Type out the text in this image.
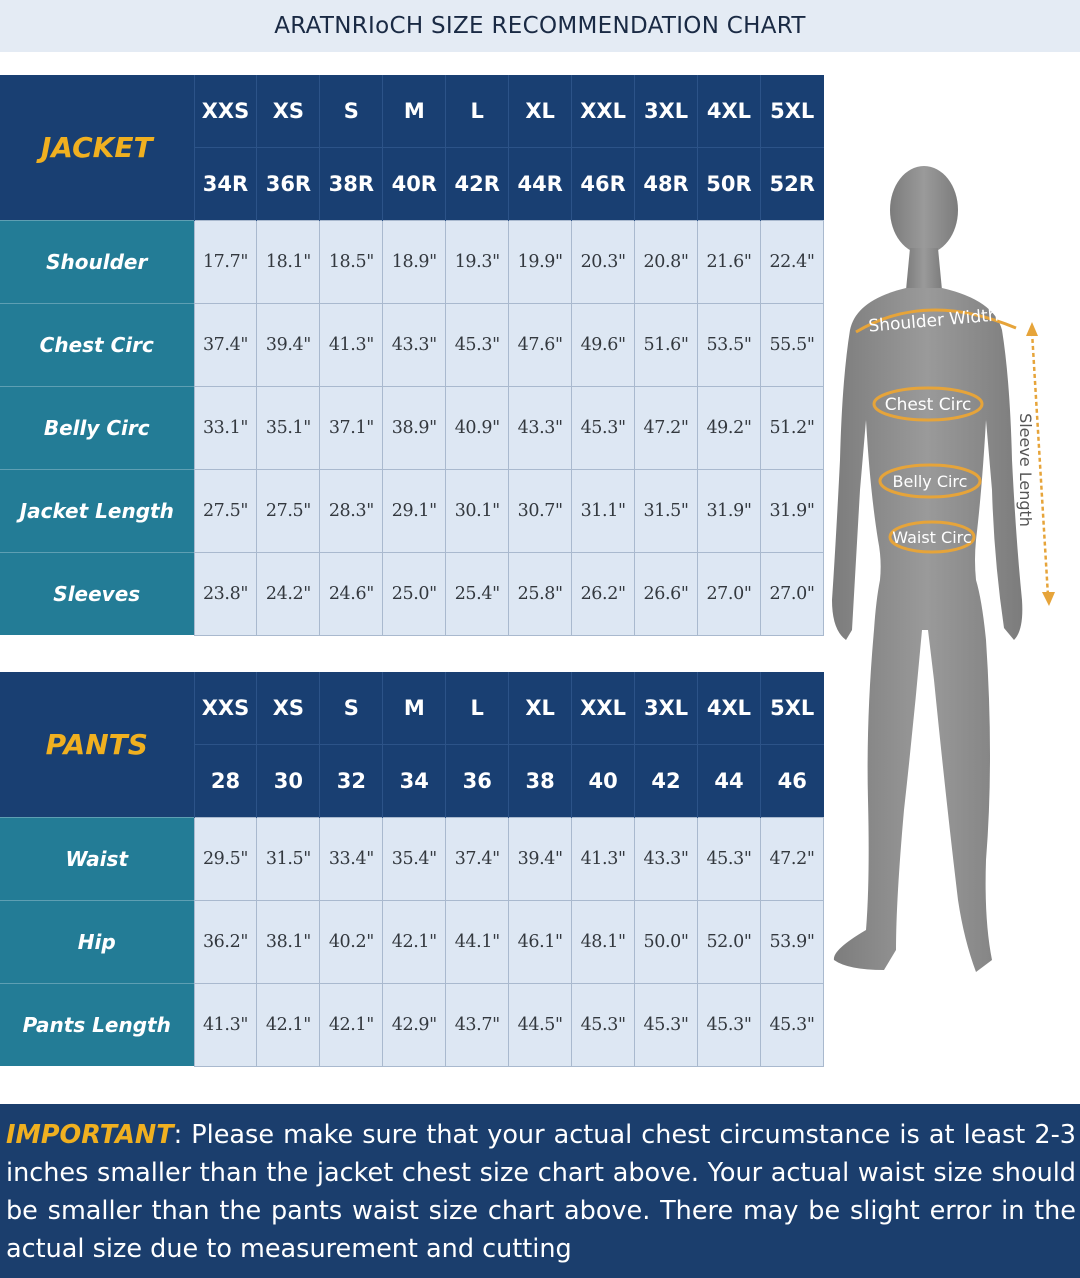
ARATNRIoCH SIZE RECOMMENDATION CHART
JACKET	XXS	XS	S	M	L	XL	XXL	3XL	4XL	5XL
	34R	36R	38R	40R	42R	44R	46R	48R	50R	52R
Shoulder	17.7"	18.1"	18.5"	18.9"	19.3"	19.9"	20.3"	20.8"	21.6"	22.4"
Chest Circ	37.4"	39.4"	41.3"	43.3"	45.3"	47.6"	49.6"	51.6"	53.5"	55.5"
Belly Circ	33.1"	35.1"	37.1"	38.9"	40.9"	43.3"	45.3"	47.2"	49.2"	51.2"
Jacket Length	27.5"	27.5"	28.3"	29.1"	30.1"	30.7"	31.1"	31.5"	31.9"	31.9"
Sleeves	23.8"	24.2"	24.6"	25.0"	25.4"	25.8"	26.2"	26.6"	27.0"	27.0"
PANTS	XXS	XS	S	M	L	XL	XXL	3XL	4XL	5XL
	28	30	32	34	36	38	40	42	44	46
Waist	29.5"	31.5"	33.4"	35.4"	37.4"	39.4"	41.3"	43.3"	45.3"	47.2"
Hip	36.2"	38.1"	40.2"	42.1"	44.1"	46.1"	48.1"	50.0"	52.0"	53.9"
Pants Length	41.3"	42.1"	42.1"	42.9"	43.7"	44.5"	45.3"	45.3"	45.3"	45.3"
Shoulder Width
Chest Circ
Belly Circ
Waist Circ
Sleeve Length

IMPORTANT: Please make sure that your actual chest circumstance is at least 2-3 inches smaller than the jacket chest size chart above. Your actual waist size should be smaller than the pants waist size chart above. There may be slight error in the actual size due to measurement and cutting
